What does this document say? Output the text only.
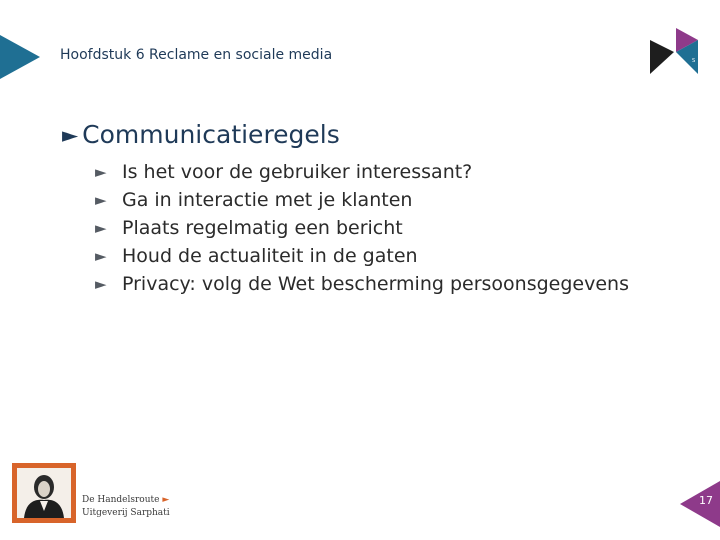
Hoofdstuk 6 Reclame en sociale media
R
S
► Communicatieregels
► Is het voor de gebruiker interessant?
► Ga in interactie met je klanten
► Plaats regelmatig een bericht
► Houd de actualiteit in de gaten
► Privacy: volg de Wet bescherming persoonsgegevens
De Handelsroute ►
Uitgeverij Sarphati
17
